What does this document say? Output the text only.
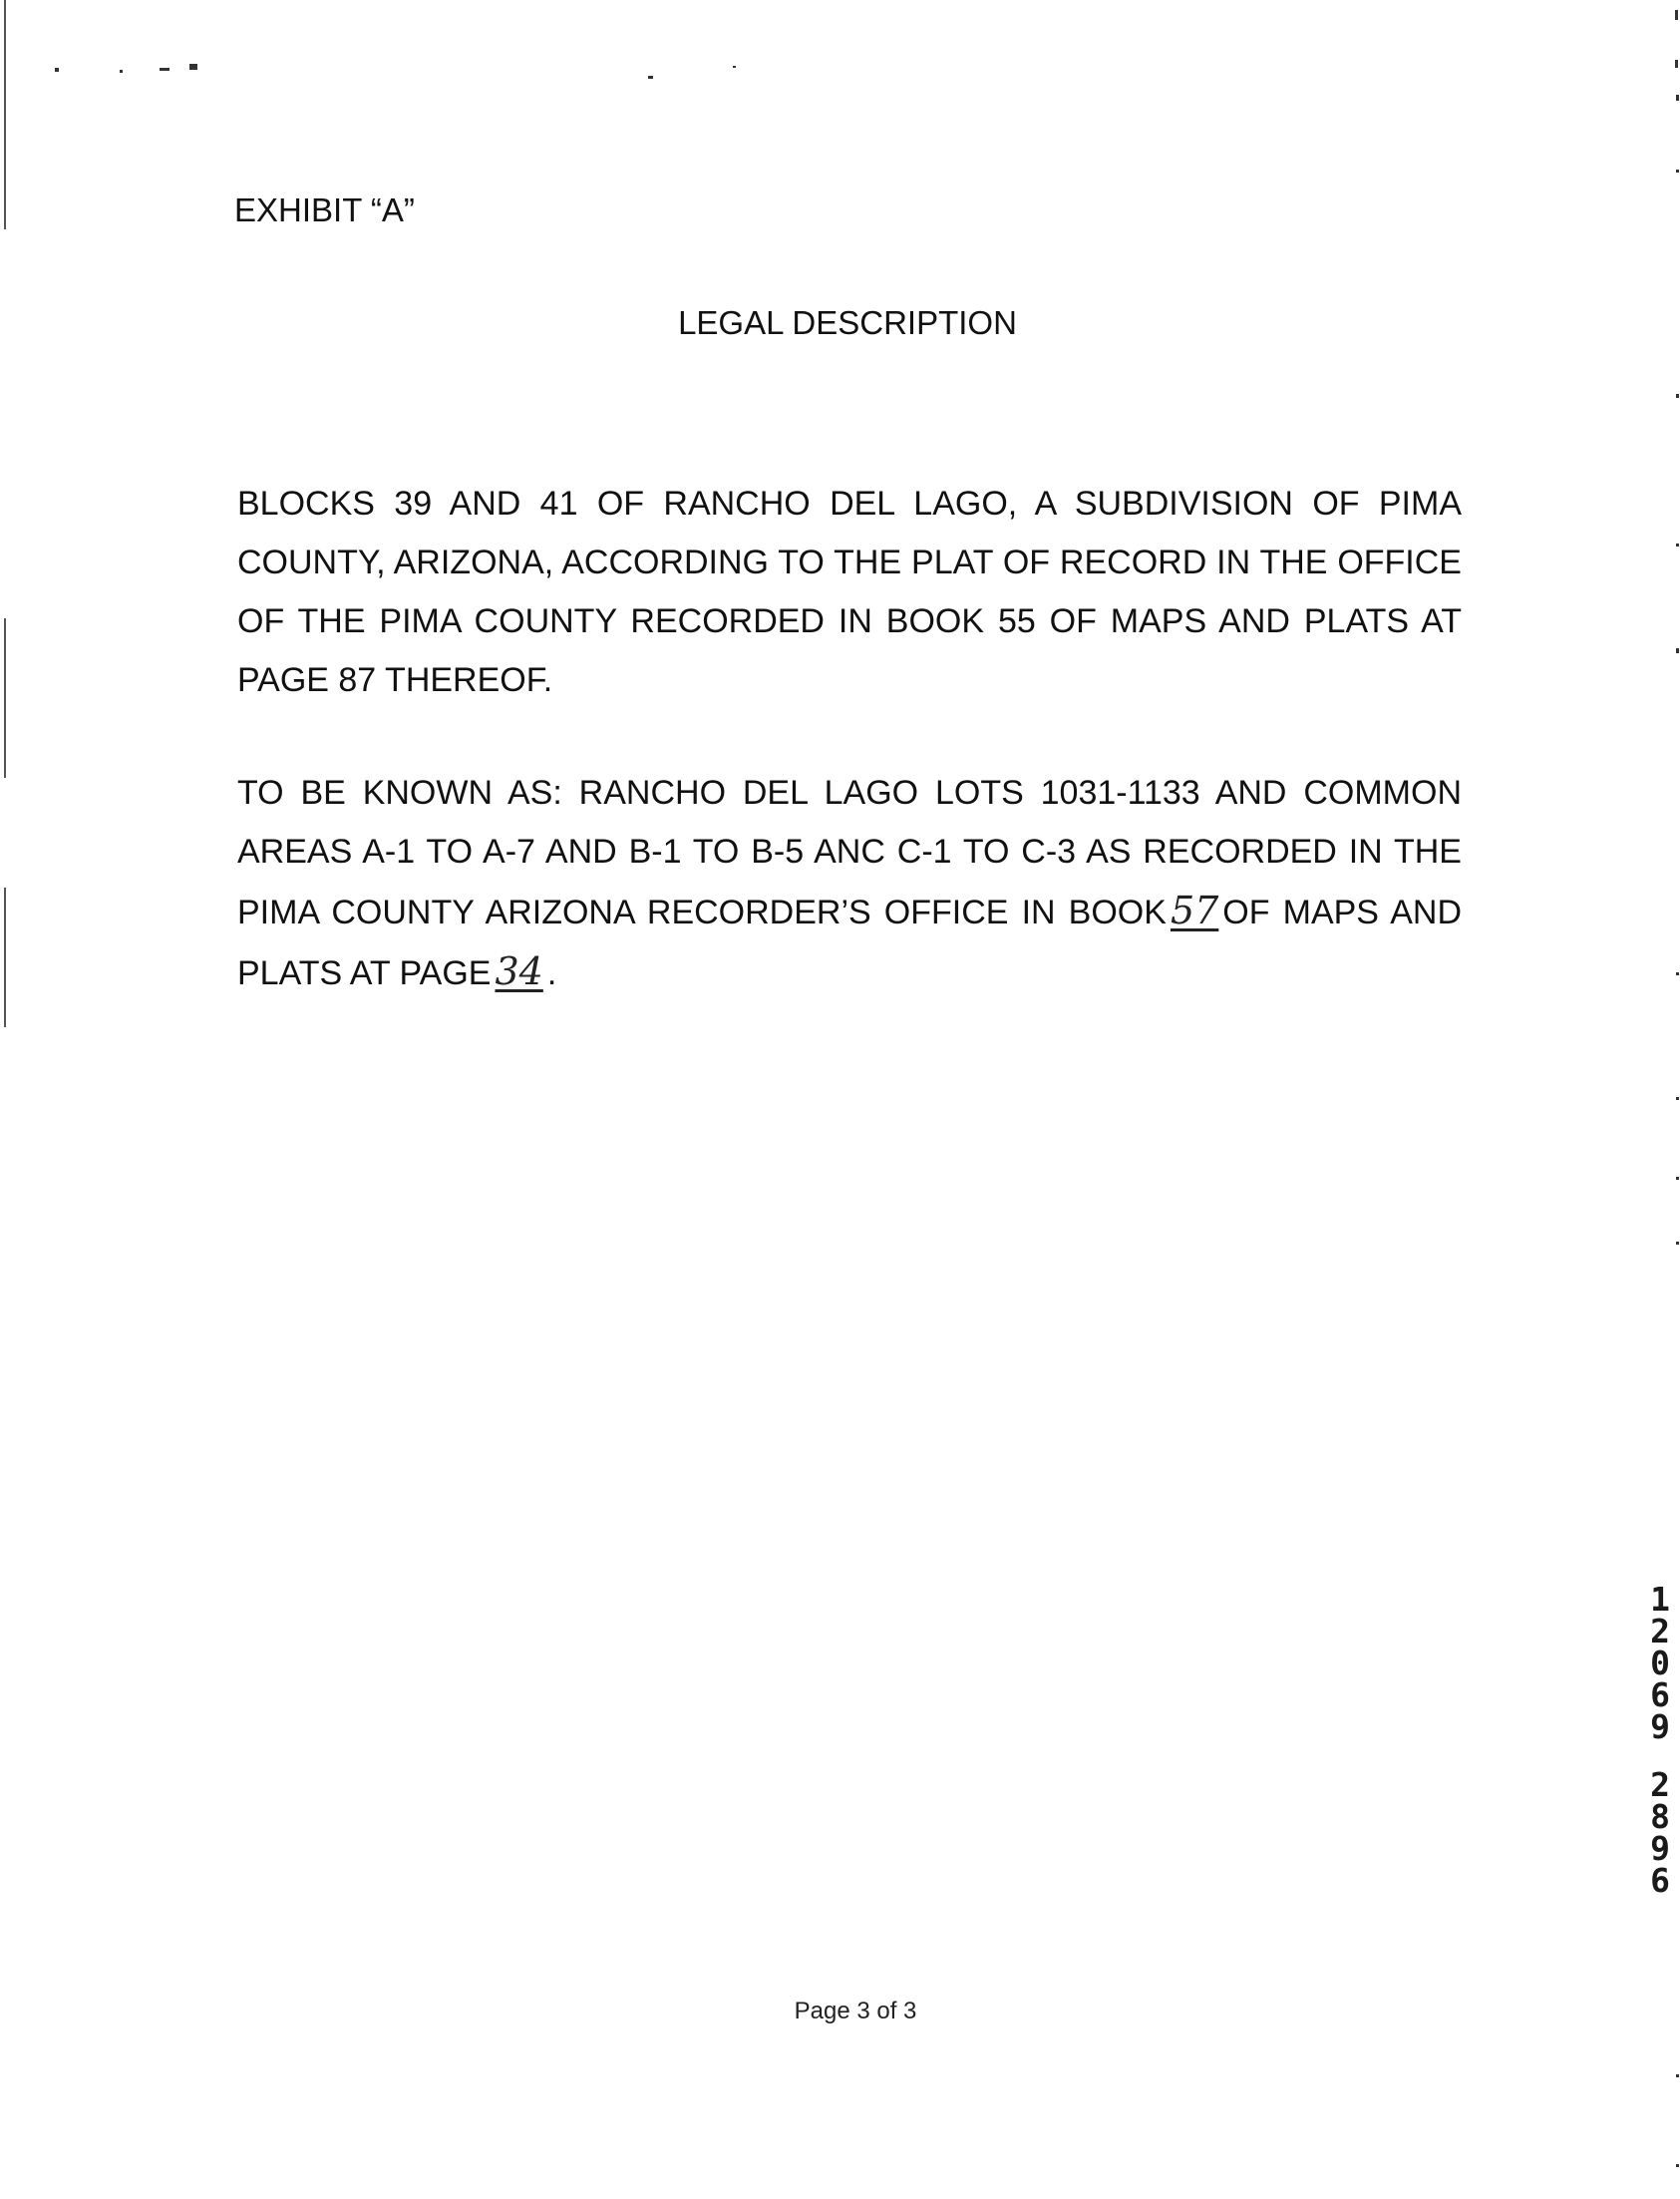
EXHIBIT “A”
LEGAL DESCRIPTION
BLOCKS 39 AND 41 OF RANCHO DEL LAGO, A SUBDIVISION OF PIMA COUNTY, ARIZONA, ACCORDING TO THE PLAT OF RECORD IN THE OFFICE OF THE PIMA COUNTY RECORDED IN BOOK 55 OF MAPS AND PLATS AT PAGE 87 THEREOF.
TO BE KNOWN AS: RANCHO DEL LAGO LOTS 1031-1133 AND COMMON AREAS A-1 TO A-7 AND B-1 TO B-5 ANC C-1 TO C-3 AS RECORDED IN THE PIMA COUNTY ARIZONA RECORDER’S OFFICE IN BOOK 57 OF MAPS AND PLATS AT PAGE 34 .
Page 3 of 3
1
2
0
6
9
2
8
9
6
